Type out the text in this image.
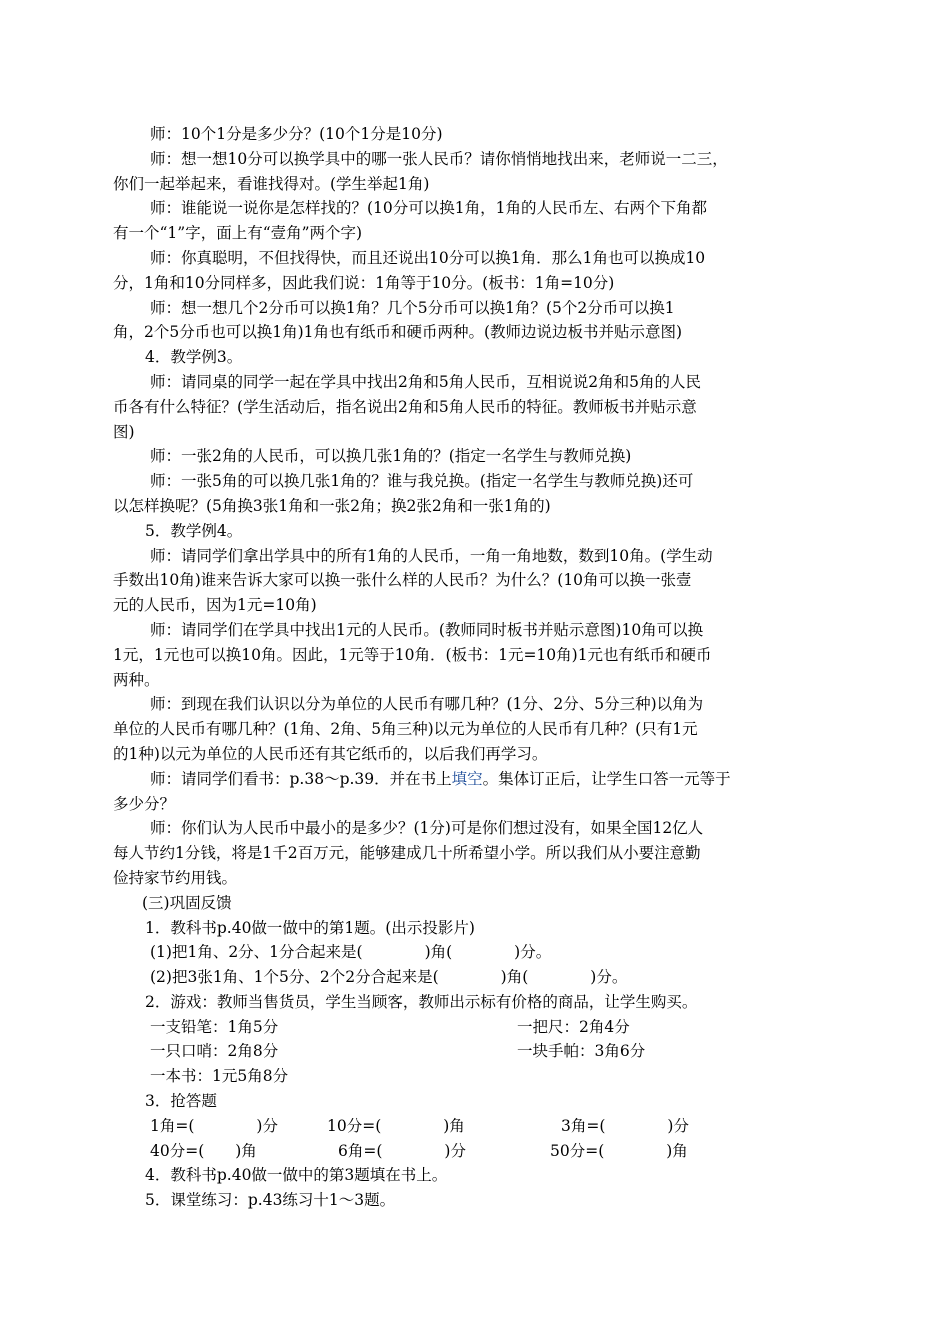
师：10个1分是多少分？(10个1分是10分)
师：想一想10分可以换学具中的哪一张人民币？请你悄悄地找出来，老师说一二三，
你们一起举起来，看谁找得对。(学生举起1角)
师：谁能说一说你是怎样找的？(10分可以换1角，1角的人民币左、右两个下角都
有一个“1”字，面上有“壹角”两个字)
师：你真聪明，不但找得快，而且还说出10分可以换1角．那么1角也可以换成10
分，1角和10分同样多，因此我们说：1角等于10分。(板书：1角=10分)
师：想一想几个2分币可以换1角？几个5分币可以换1角？(5个2分币可以换1
角，2个5分币也可以换1角)1角也有纸币和硬币两种。(教师边说边板书并贴示意图)
4．教学例3。
师：请同桌的同学一起在学具中找出2角和5角人民币，互相说说2角和5角的人民
币各有什么特征？(学生活动后，指名说出2角和5角人民币的特征。教师板书并贴示意
图)
师：一张2角的人民币，可以换几张1角的？(指定一名学生与教师兑换)
师：一张5角的可以换几张1角的？谁与我兑换。(指定一名学生与教师兑换)还可
以怎样换呢？(5角换3张1角和一张2角；换2张2角和一张1角的)
5．教学例4。
师：请同学们拿出学具中的所有1角的人民币，一角一角地数，数到10角。(学生动
手数出10角)谁来告诉大家可以换一张什么样的人民币？为什么？(10角可以换一张壹
元的人民币，因为1元=10角)
师：请同学们在学具中找出1元的人民币。(教师同时板书并贴示意图)10角可以换
1元，1元也可以换10角。因此，1元等于10角．(板书：1元=10角)1元也有纸币和硬币
两种。
师：到现在我们认识以分为单位的人民币有哪几种？(1分、2分、5分三种)以角为
单位的人民币有哪几种？(1角、2角、5角三种)以元为单位的人民币有几种？(只有1元
的1种)以元为单位的人民币还有其它纸币的，以后我们再学习。
师：请同学们看书：p.38～p.39．并在书上填空。集体订正后，让学生口答一元等于
多少分？
师：你们认为人民币中最小的是多少？(1分)可是你们想过没有，如果全国12亿人
每人节约1分钱，将是1千2百万元，能够建成几十所希望小学。所以我们从小要注意勤
俭持家节约用钱。
(三)巩固反馈
1．教科书p.40做一做中的第1题。(出示投影片)
(1)把1角、2分、1分合起来是(　　　　)角(　　　　)分。
(2)把3张1角、1个5分、2个2分合起来是(　　　　)角(　　　　)分。
2．游戏：教师当售货员，学生当顾客，教师出示标有价格的商品，让学生购买。
一支铅笔：1角5分	一把尺：2角4分
一只口哨：2角8分	一块手帕：3角6分
一本书：1元5角8分
3．抢答题
1角=(　　　　)分	10分=(　　　　)角	3角=(　　　　)分
40分=(　　)角	6角=(　　　　)分	50分=(　　　　)角
4．教科书p.40做一做中的第3题填在书上。
5．课堂练习：p.43练习十1～3题。
